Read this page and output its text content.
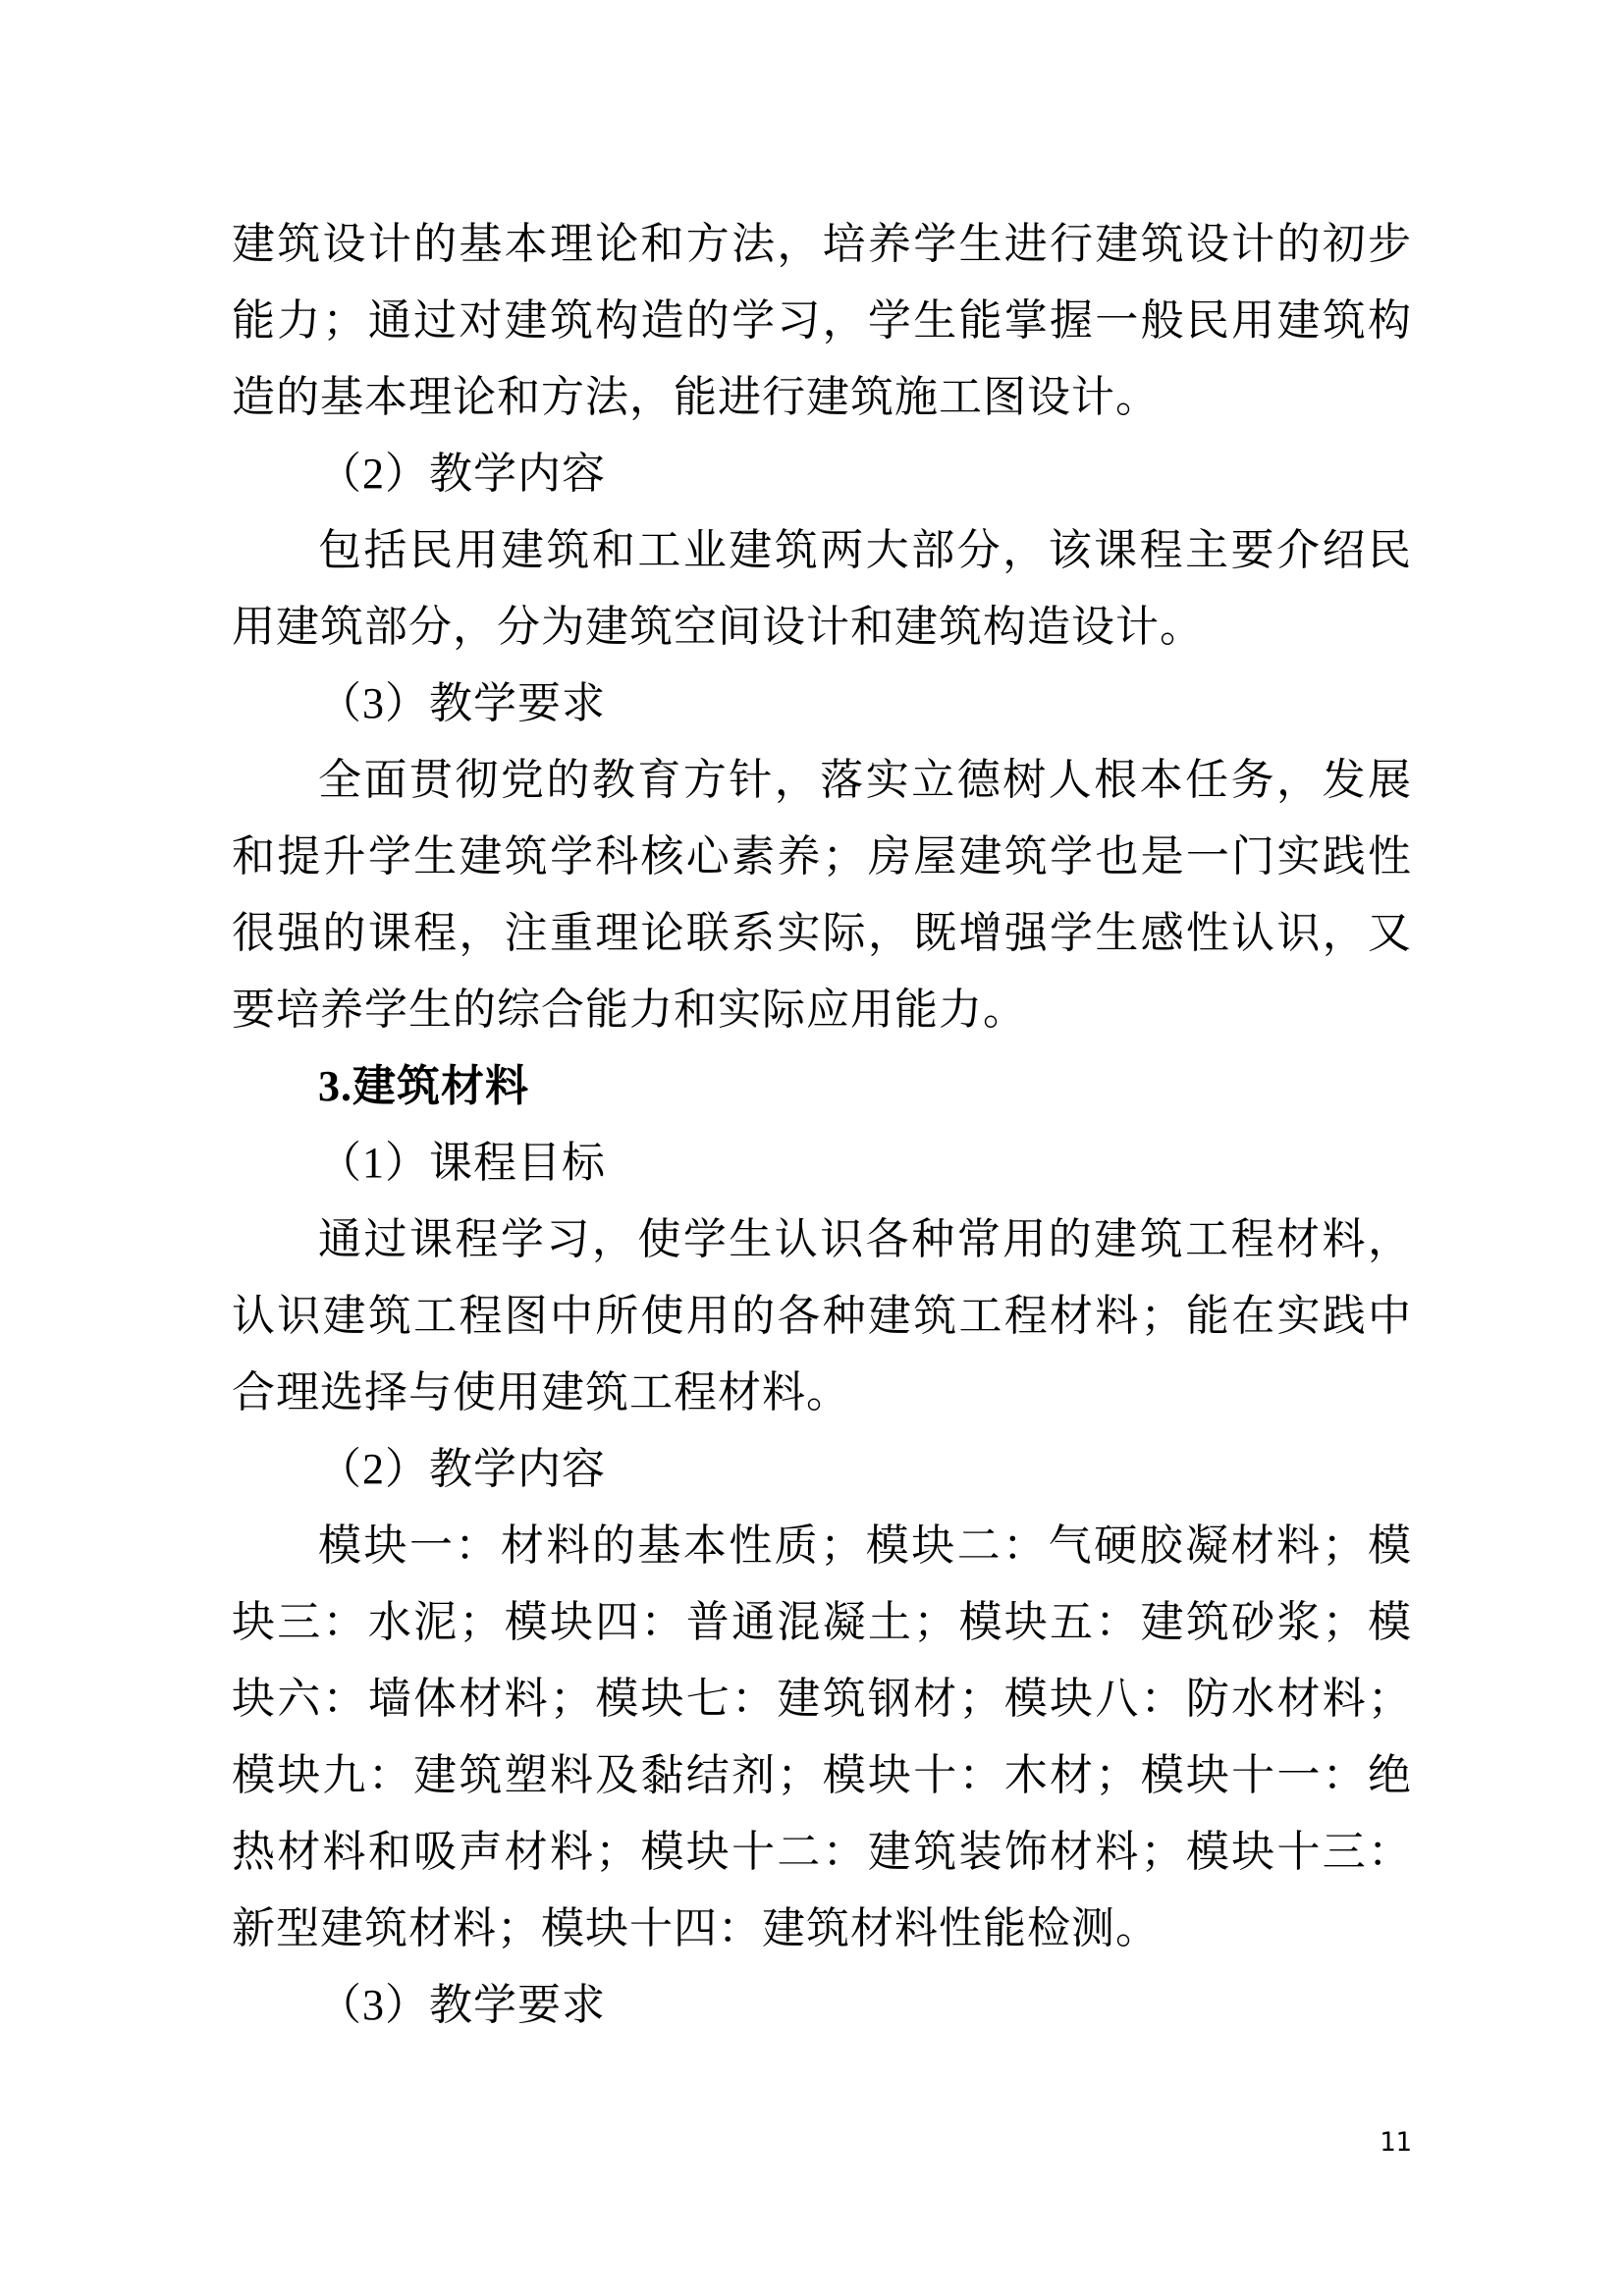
建筑设计的基本理论和方法，培养学生进行建筑设计的初步能力；通过对建筑构造的学习，学生能掌握一般民用建筑构造的基本理论和方法，能进行建筑施工图设计。

（2）教学内容

包括民用建筑和工业建筑两大部分，该课程主要介绍民用建筑部分，分为建筑空间设计和建筑构造设计。

（3）教学要求

全面贯彻党的教育方针，落实立德树人根本任务，发展和提升学生建筑学科核心素养；房屋建筑学也是一门实践性很强的课程，注重理论联系实际，既增强学生感性认识，又要培养学生的综合能力和实际应用能力。

3.建筑材料

（1）课程目标

通过课程学习，使学生认识各种常用的建筑工程材料，认识建筑工程图中所使用的各种建筑工程材料；能在实践中合理选择与使用建筑工程材料。

（2）教学内容

模块一：材料的基本性质；模块二：气硬胶凝材料；模块三：水泥；模块四：普通混凝土；模块五：建筑砂浆；模块六：墙体材料；模块七：建筑钢材；模块八：防水材料；模块九：建筑塑料及黏结剂；模块十：木材；模块十一：绝热材料和吸声材料；模块十二：建筑装饰材料；模块十三：新型建筑材料；模块十四：建筑材料性能检测。

（3）教学要求

11
